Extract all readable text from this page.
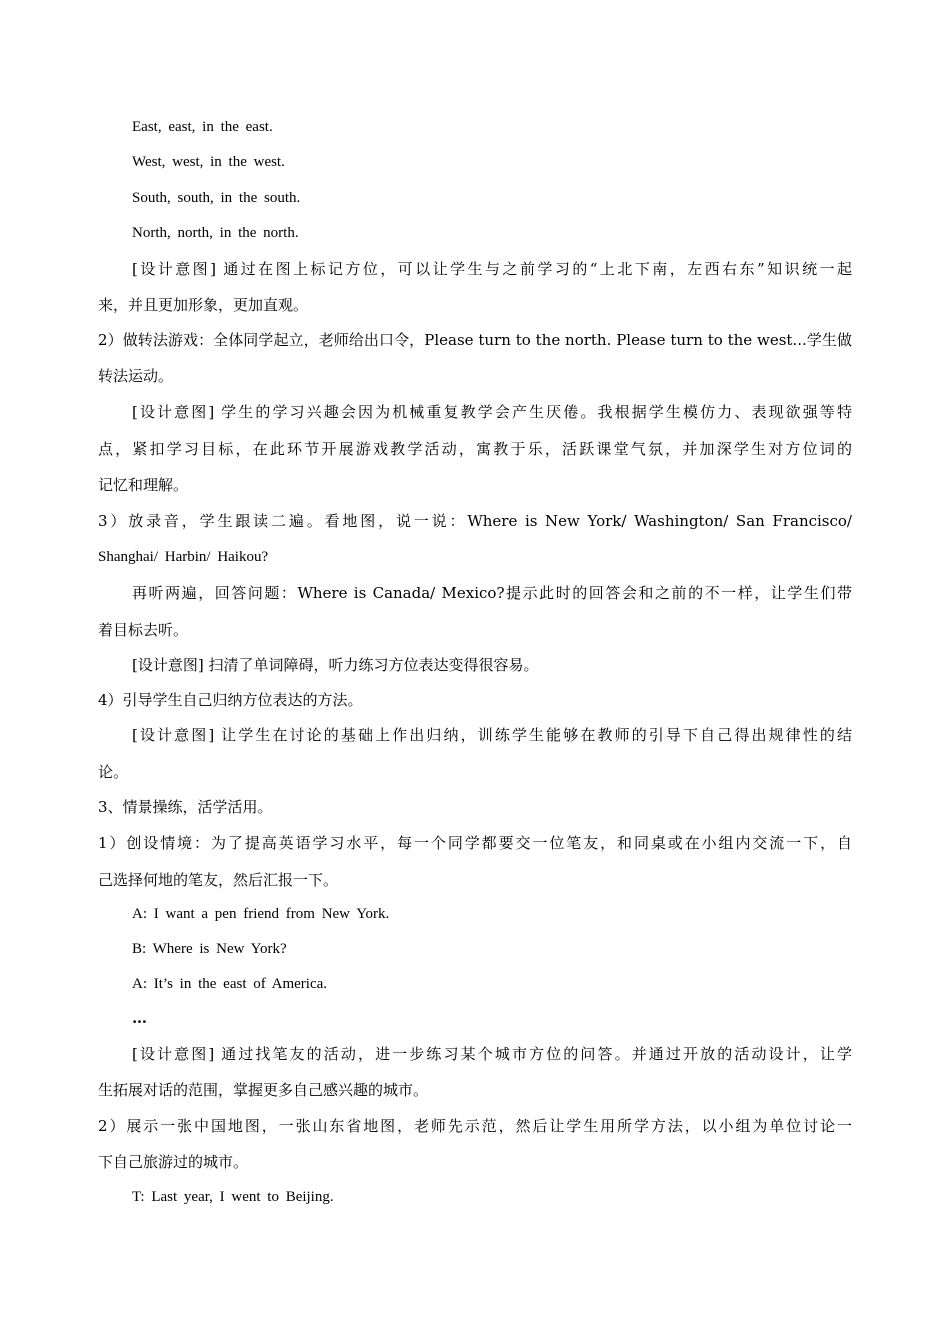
East, east, in the east.
West, west, in the west.
South, south, in the south.
North, north, in the north.
[设计意图] 通过在图上标记方位，可以让学生与之前学习的“上北下南，左西右东”知识统一起
来，并且更加形象，更加直观。
2）做转法游戏：全体同学起立，老师给出口令，Please turn to the north. Please turn to the west...学生做
转法运动。
[设计意图] 学生的学习兴趣会因为机械重复教学会产生厌倦。我根据学生模仿力、表现欲强等特
点，紧扣学习目标，在此环节开展游戏教学活动，寓教于乐，活跃课堂气氛，并加深学生对方位词的
记忆和理解。
3）放录音，学生跟读二遍。看地图，说一说：Where is New York/ Washington/ San Francisco/
Shanghai/ Harbin/ Haikou?
再听两遍，回答问题：Where is Canada/ Mexico?提示此时的回答会和之前的不一样，让学生们带
着目标去听。
[设计意图] 扫清了单词障碍，听力练习方位表达变得很容易。
4）引导学生自己归纳方位表达的方法。
[设计意图] 让学生在讨论的基础上作出归纳，训练学生能够在教师的引导下自己得出规律性的结
论。
3、情景操练，活学活用。
1）创设情境：为了提高英语学习水平，每一个同学都要交一位笔友，和同桌或在小组内交流一下，自
己选择何地的笔友，然后汇报一下。
A: I want a pen friend from New York.
B: Where is New York?
A: It’s in the east of America.
…
[设计意图] 通过找笔友的活动，进一步练习某个城市方位的问答。并通过开放的活动设计，让学
生拓展对话的范围，掌握更多自己感兴趣的城市。
2）展示一张中国地图，一张山东省地图，老师先示范，然后让学生用所学方法，以小组为单位讨论一
下自己旅游过的城市。
T: Last year, I went to Beijing.
